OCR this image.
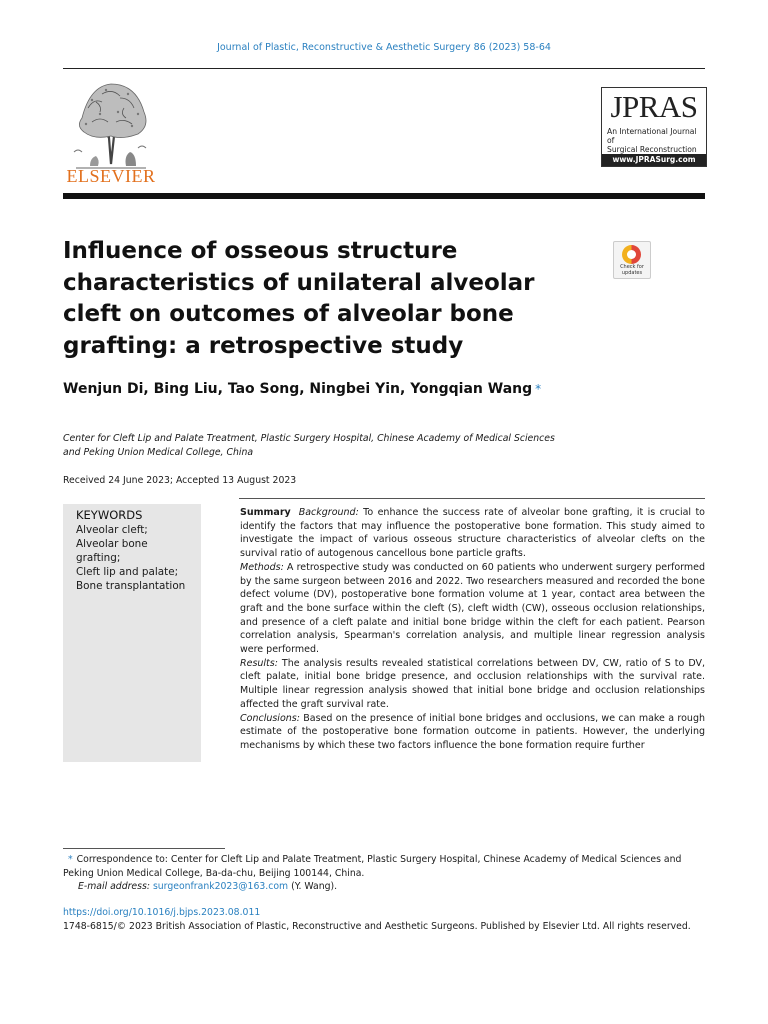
Journal of Plastic, Reconstructive & Aesthetic Surgery 86 (2023) 58-64
ELSEVIER
JPRAS
An International Journal of
Surgical Reconstruction
www.JPRASurg.com
Influence of osseous structure characteristics of unilateral alveolar cleft on outcomes of alveolar bone grafting: a retrospective study
Check for
updates
Wenjun Di, Bing Liu, Tao Song, Ningbei Yin, Yongqian Wang *
Center for Cleft Lip and Palate Treatment, Plastic Surgery Hospital, Chinese Academy of Medical Sciences
and Peking Union Medical College, China
Received 24 June 2023; Accepted 13 August 2023
KEYWORDS
Alveolar cleft;
Alveolar bone
grafting;
Cleft lip and palate;
Bone transplantation

Summary Background: To enhance the success rate of alveolar bone grafting, it is crucial to identify the factors that may influence the postoperative bone formation. This study aimed to investigate the impact of various osseous structure characteristics of alveolar clefts on the survival ratio of autogenous cancellous bone particle grafts.

Methods: A retrospective study was conducted on 60 patients who underwent surgery performed by the same surgeon between 2016 and 2022. Two researchers measured and recorded the bone defect volume (DV), postoperative bone formation volume at 1 year, contact area between the graft and the bone surface within the cleft (S), cleft width (CW), osseous occlusion relationships, and presence of a cleft palate and initial bone bridge within the cleft for each patient. Pearson correlation analysis, Spearman's correlation analysis, and multiple linear regression analysis were performed.

Results: The analysis results revealed statistical correlations between DV, CW, ratio of S to DV, cleft palate, initial bone bridge presence, and occlusion relationships with the survival rate. Multiple linear regression analysis showed that initial bone bridge and occlusion relationships affected the graft survival rate.

Conclusions: Based on the presence of initial bone bridges and occlusions, we can make a rough estimate of the postoperative bone formation outcome in patients. However, the underlying mechanisms by which these two factors influence the bone formation require further

* Correspondence to: Center for Cleft Lip and Palate Treatment, Plastic Surgery Hospital, Chinese Academy of Medical Sciences and Peking Union Medical College, Ba-da-chu, Beijing 100144, China.
E-mail address: surgeonfrank2023@163.com (Y. Wang).
https://doi.org/10.1016/j.bjps.2023.08.011
1748-6815/© 2023 British Association of Plastic, Reconstructive and Aesthetic Surgeons. Published by Elsevier Ltd. All rights reserved.
